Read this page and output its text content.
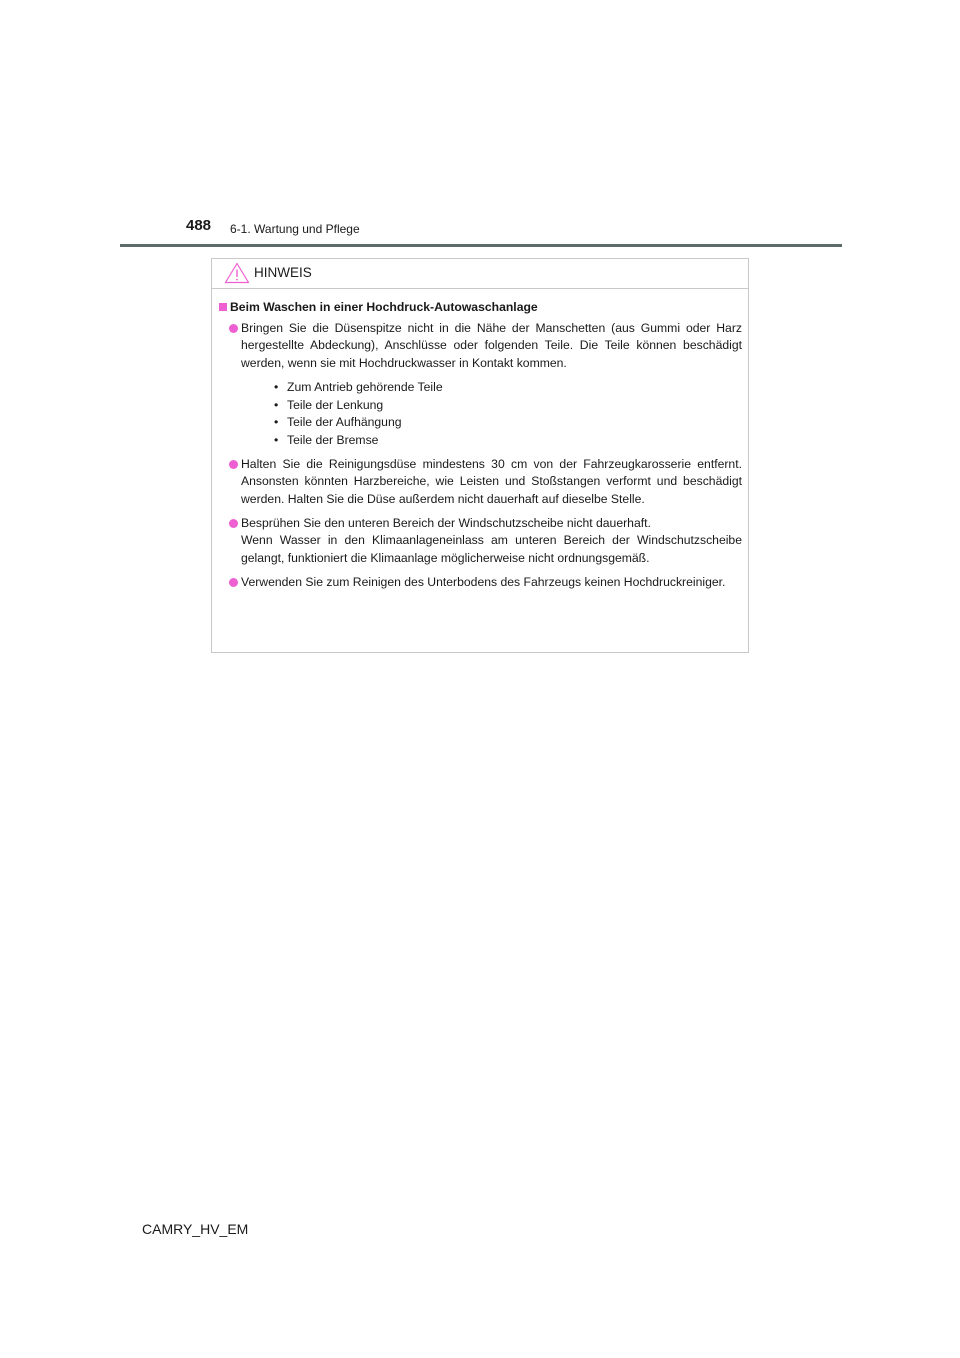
488 6-1. Wartung und Pflege
HINWEIS
Beim Waschen in einer Hochdruck-Autowaschanlage

Bringen Sie die Düsenspitze nicht in die Nähe der Manschetten (aus Gummi oder Harz hergestellte Abdeckung), Anschlüsse oder folgenden Teile. Die Teile können beschädigt werden, wenn sie mit Hochdruckwasser in Kontakt kommen.

• Zum Antrieb gehörende Teile
• Teile der Lenkung
• Teile der Aufhängung
• Teile der Bremse

Halten Sie die Reinigungsdüse mindestens 30 cm von der Fahrzeugkarosserie entfernt. Ansonsten könnten Harzbereiche, wie Leisten und Stoßstangen verformt und beschädigt werden. Halten Sie die Düse außerdem nicht dauerhaft auf dieselbe Stelle.

Besprühen Sie den unteren Bereich der Windschutzscheibe nicht dauerhaft.

Wenn Wasser in den Klimaanlageneinlass am unteren Bereich der Windschutzscheibe gelangt, funktioniert die Klimaanlage möglicherweise nicht ordnungsgemäß.

Verwenden Sie zum Reinigen des Unterbodens des Fahrzeugs keinen Hochdruckreiniger.

CAMRY_HV_EM
